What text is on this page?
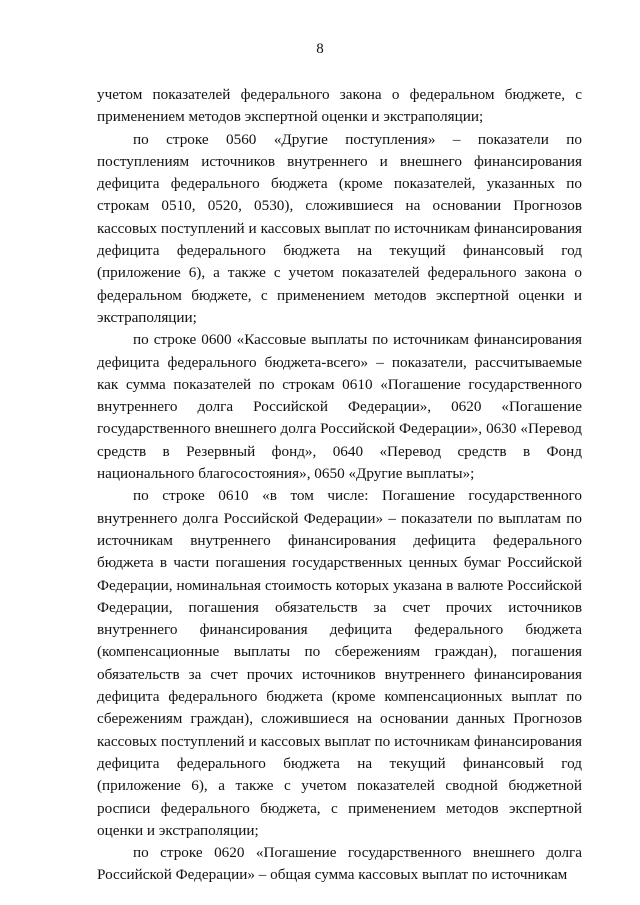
8

учетом показателей федерального закона о федеральном бюджете, с применением методов экспертной оценки и экстраполяции;

по строке 0560 «Другие поступления» – показатели по поступлениям источников внутреннего и внешнего финансирования дефицита федерального бюджета (кроме показателей, указанных по строкам 0510, 0520, 0530), сложившиеся на основании Прогнозов кассовых поступлений и кассовых выплат по источникам финансирования дефицита федерального бюджета на текущий финансовый год (приложение 6), а также с учетом показателей федерального закона о федеральном бюджете, с применением методов экспертной оценки и экстраполяции;

по строке 0600 «Кассовые выплаты по источникам финансирования дефицита федерального бюджета-всего» – показатели, рассчитываемые как сумма показателей по строкам 0610 «Погашение государственного внутреннего долга Российской Федерации», 0620 «Погашение государственного внешнего долга Российской Федерации», 0630 «Перевод средств в Резервный фонд», 0640 «Перевод средств в Фонд национального благосостояния», 0650 «Другие выплаты»;

по строке 0610 «в том числе: Погашение государственного внутреннего долга Российской Федерации» – показатели по выплатам по источникам внутреннего финансирования дефицита федерального бюджета в части погашения государственных ценных бумаг Российской Федерации, номинальная стоимость которых указана в валюте Российской Федерации, погашения обязательств за счет прочих источников внутреннего финансирования дефицита федерального бюджета (компенсационные выплаты по сбережениям граждан), погашения обязательств за счет прочих источников внутреннего финансирования дефицита федерального бюджета (кроме компенсационных выплат по сбережениям граждан), сложившиеся на основании данных Прогнозов кассовых поступлений и кассовых выплат по источникам финансирования дефицита федерального бюджета на текущий финансовый год (приложение 6), а также с учетом показателей сводной бюджетной росписи федерального бюджета, с применением методов экспертной оценки и экстраполяции;

по строке 0620 «Погашение государственного внешнего долга Российской Федерации» – общая сумма кассовых выплат по источникам
